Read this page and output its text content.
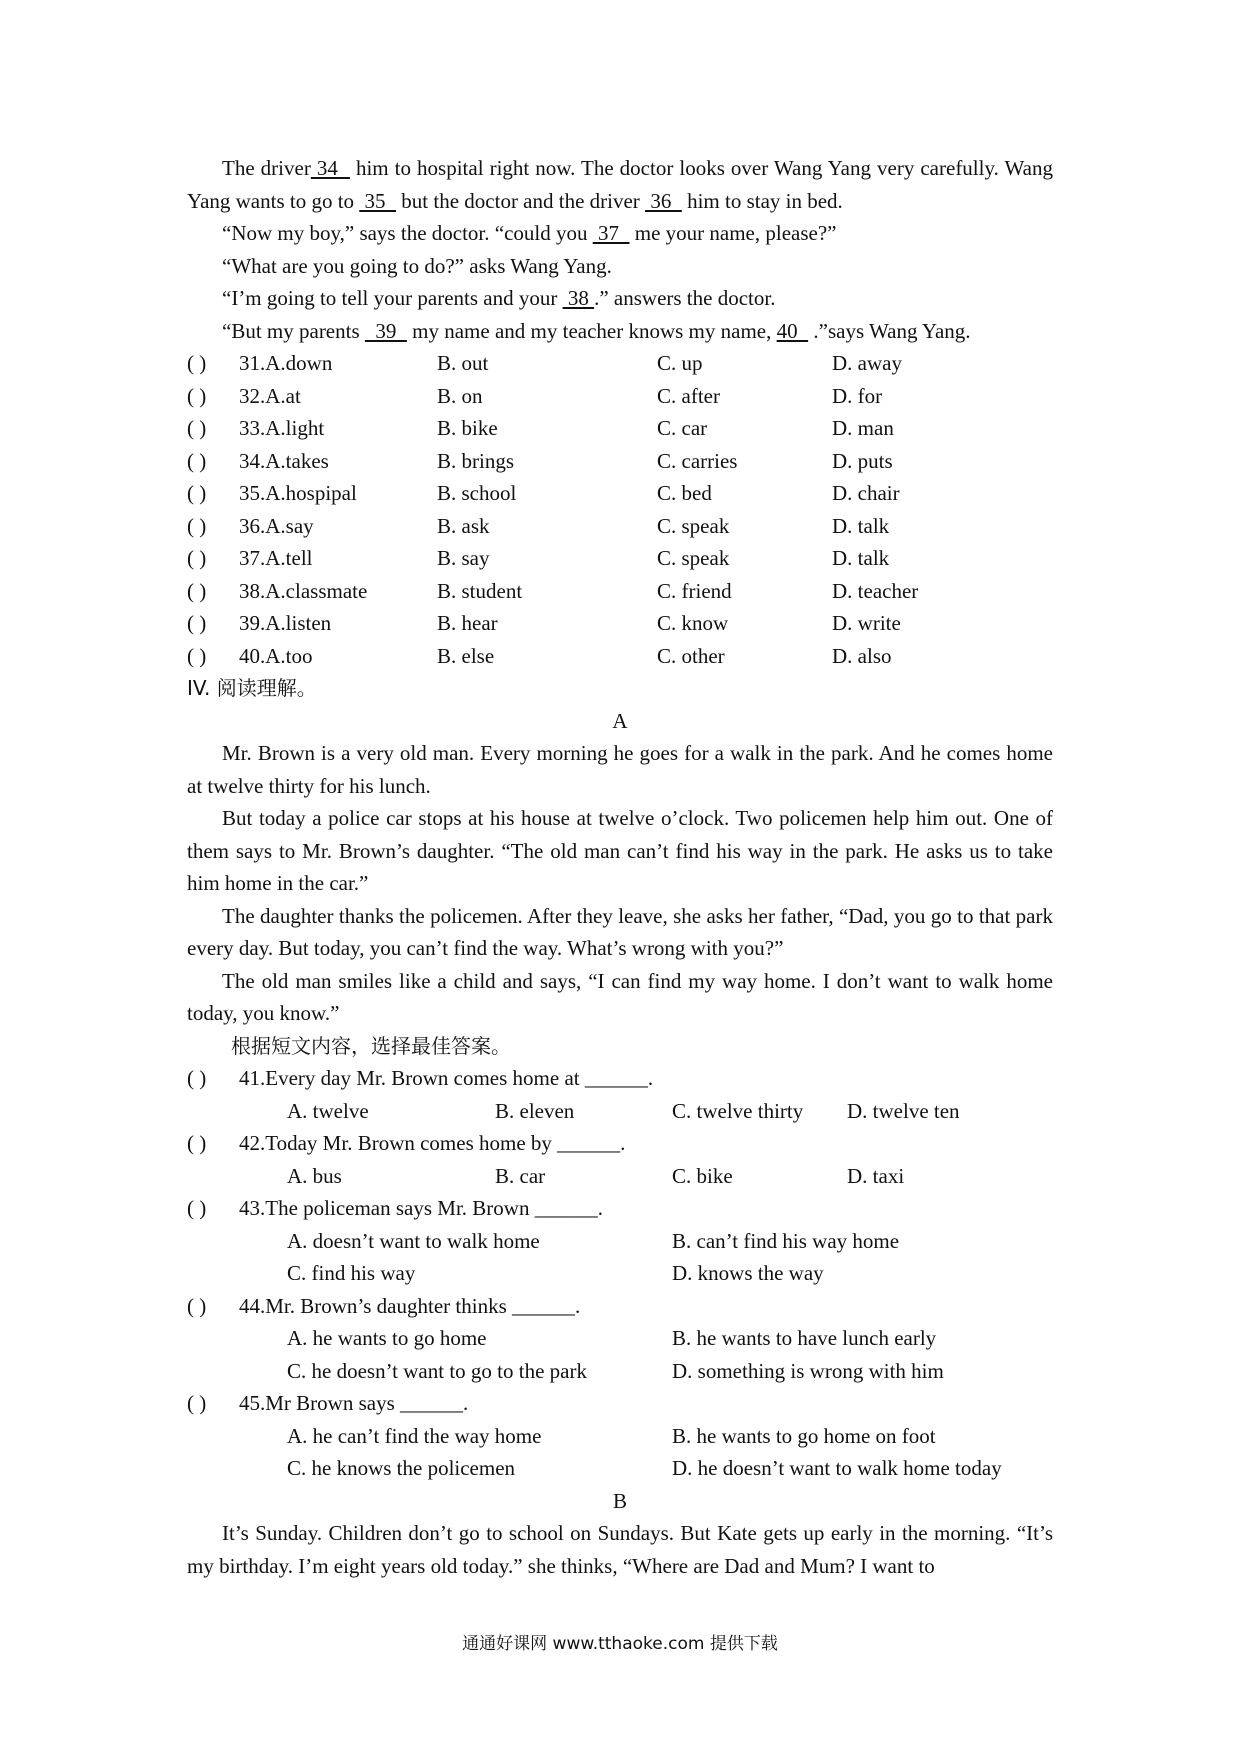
The driver 34   him to hospital right now. The doctor looks over Wang Yang very carefully. Wang Yang wants to go to  35   but the doctor and the driver  36   him to stay in bed.
“Now my boy,” says the doctor. “could you  37   me your name, please?”
“What are you going to do?” asks Wang Yang.
“I’m going to tell your parents and your  38 .” answers the doctor.
“But my parents   39   my name and my teacher knows my name, 40   .”says Wang Yang.
( )	31.A.down	B. out	C. up	D. away
( )	32.A.at	B. on	C. after	D. for
( )	33.A.light	B. bike	C. car	D. man
( )	34.A.takes	B. brings	C. carries	D. puts
( )	35.A.hospipal	B. school	C. bed	D. chair
( )	36.A.say	B. ask	C. speak	D. talk
( )	37.A.tell	B. say	C. speak	D. talk
( )	38.A.classmate	B. student	C. friend	D. teacher
( )	39.A.listen	B. hear	C. know	D. write
( )	40.A.too	B. else	C. other	D. also
IV. 阅读理解。
A
Mr. Brown is a very old man. Every morning he goes for a walk in the park. And he comes home at twelve thirty for his lunch.
But today a police car stops at his house at twelve o’clock. Two policemen help him out. One of them says to Mr. Brown’s daughter. “The old man can’t find his way in the park. He asks us to take him home in the car.”
The daughter thanks the policemen. After they leave, she asks her father, “Dad, you go to that park every day. But today, you can’t find the way. What’s wrong with you?”
The old man smiles like a child and says, “I can find my way home. I don’t want to walk home today, you know.”
根据短文内容，选择最佳答案。
( )	41.Every day Mr. Brown comes home at ______.
A. twelve	B. eleven	C. twelve thirty	D. twelve ten
( )	42.Today Mr. Brown comes home by ______.
A. bus	B. car	C. bike	D. taxi
( )	43.The policeman says Mr. Brown ______.
A. doesn’t want to walk home	B. can’t find his way home
C. find his way	D. knows the way
( )	44.Mr. Brown’s daughter thinks ______.
A. he wants to go home	B. he wants to have lunch early
C. he doesn’t want to go to the park	D. something is wrong with him
( )	45.Mr Brown says ______.
A. he can’t find the way home	B. he wants to go home on foot
C. he knows the policemen	D. he doesn’t want to walk home today
B
It’s Sunday. Children don’t go to school on Sundays. But Kate gets up early in the morning. “It’s my birthday. I’m eight years old today.” she thinks, “Where are Dad and Mum? I want to
通通好课网 www.tthaoke.com 提供下载
